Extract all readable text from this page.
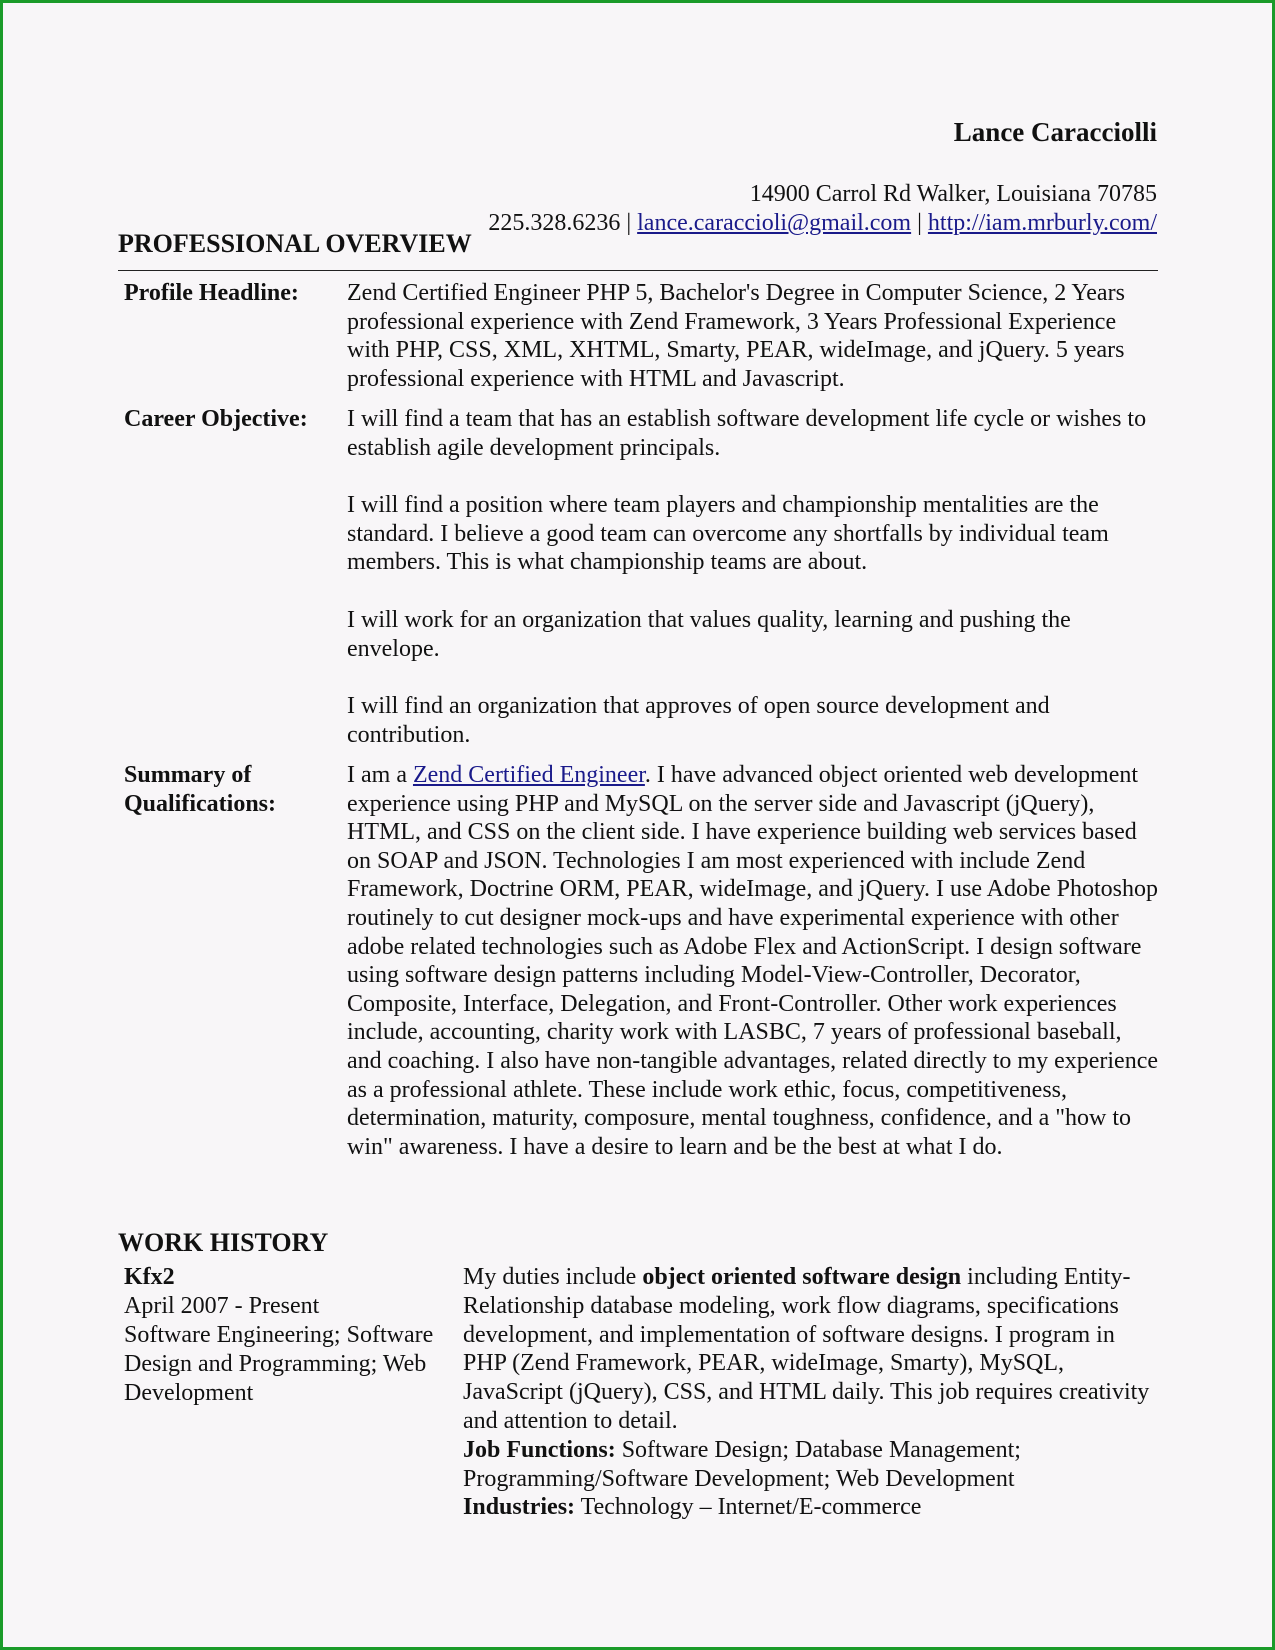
Lance Caracciolli
14900 Carrol Rd Walker, Louisiana 70785
225.328.6236 | lance.caraccioli@gmail.com | http://iam.mrburly.com/
PROFESSIONAL OVERVIEW
Profile Headline:	Zend Certified Engineer PHP 5, Bachelor's Degree in Computer Science, 2 Years professional experience with Zend Framework, 3 Years Professional Experience with PHP, CSS, XML, XHTML, Smarty, PEAR, wideImage, and jQuery. 5 years professional experience with HTML and Javascript.

Career Objective:	I will find a team that has an establish software development life cycle or wishes to establish agile development principals.

I will find a position where team players and championship mentalities are the standard. I believe a good team can overcome any shortfalls by individual team members. This is what championship teams are about.

I will work for an organization that values quality, learning and pushing the envelope.

I will find an organization that approves of open source development and contribution.

Summary of
Qualifications:

I am a Zend Certified Engineer. I have advanced object oriented web development experience using PHP and MySQL on the server side and Javascript (jQuery), HTML, and CSS on the client side. I have experience building web services based on SOAP and JSON. Technologies I am most experienced with include Zend Framework, Doctrine ORM, PEAR, wideImage, and jQuery. I use Adobe Photoshop routinely to cut designer mock-ups and have experimental experience with other adobe related technologies such as Adobe Flex and ActionScript. I design software using software design patterns including Model-View-Controller, Decorator, Composite, Interface, Delegation, and Front-Controller. Other work experiences include, accounting, charity work with LASBC, 7 years of professional baseball, and coaching. I also have non-tangible advantages, related directly to my experience as a professional athlete. These include work ethic, focus, competitiveness, determination, maturity, composure, mental toughness, confidence, and a "how to win" awareness. I have a desire to learn and be the best at what I do.

WORK HISTORY
Kfx2
April 2007 - Present
Software Engineering; Software Design and Programming; Web Development
My duties include object oriented software design including Entity-Relationship database modeling, work flow diagrams, specifications development, and implementation of software designs. I program in PHP (Zend Framework, PEAR, wideImage, Smarty), MySQL, JavaScript (jQuery), CSS, and HTML daily. This job requires creativity and attention to detail.
Job Functions: Software Design; Database Management; Programming/Software Development; Web Development
Industries: Technology – Internet/E-commerce
